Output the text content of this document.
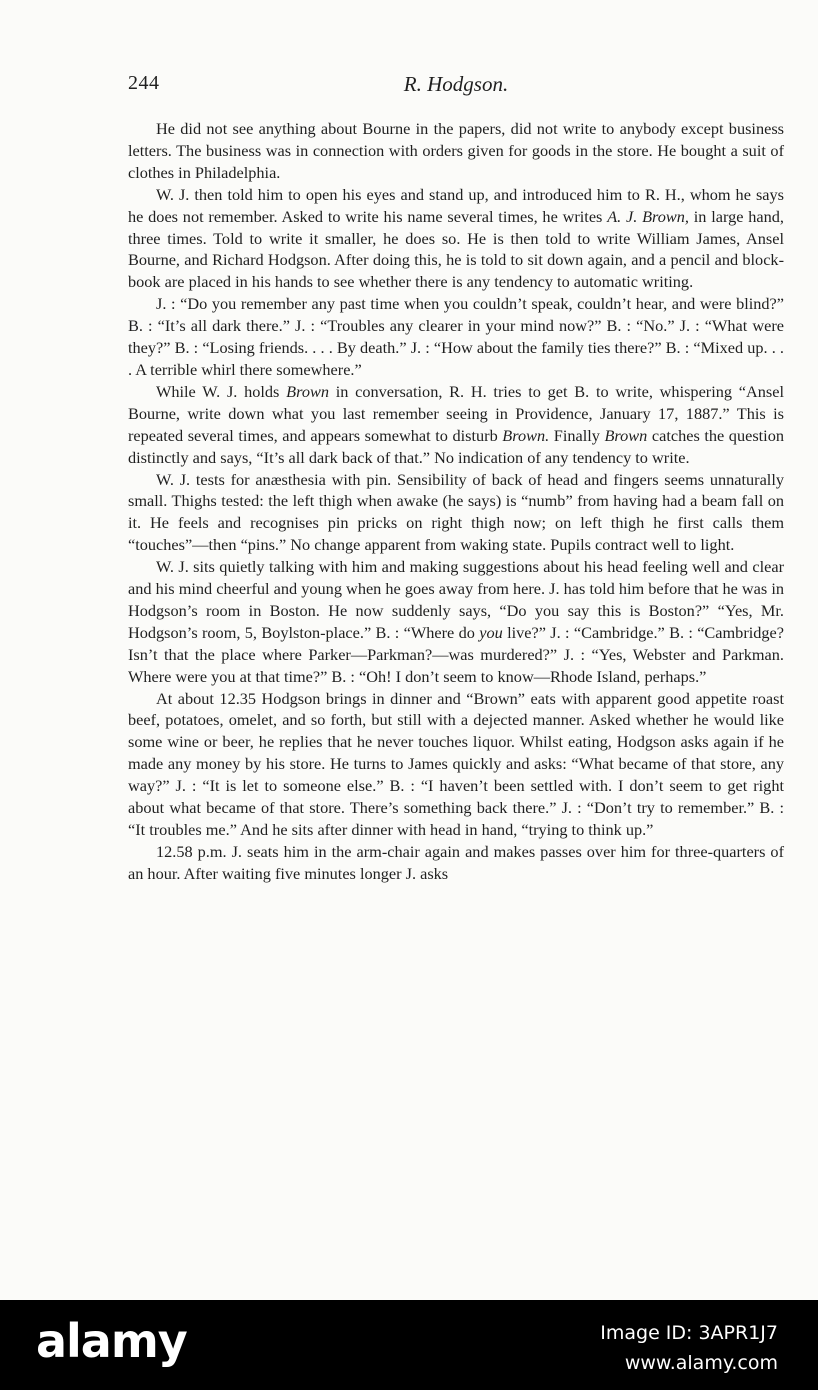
244	R. Hodgson.

He did not see anything about Bourne in the papers, did not write to anybody except business letters. The business was in connection with orders given for goods in the store. He bought a suit of clothes in Philadelphia.

W. J. then told him to open his eyes and stand up, and introduced him to R. H., whom he says he does not remember. Asked to write his name several times, he writes A. J. Brown, in large hand, three times. Told to write it smaller, he does so. He is then told to write William James, Ansel Bourne, and Richard Hodgson. After doing this, he is told to sit down again, and a pencil and block-book are placed in his hands to see whether there is any tendency to automatic writing.

J. : “Do you remember any past time when you couldn’t speak, couldn’t hear, and were blind?” B. : “It’s all dark there.” J. : “Troubles any clearer in your mind now?” B. : “No.” J. : “What were they?” B. : “Losing friends. . . . By death.” J. : “How about the family ties there?” B. : “Mixed up. . . . A terrible whirl there somewhere.”

While W. J. holds Brown in conversation, R. H. tries to get B. to write, whispering “Ansel Bourne, write down what you last remember seeing in Providence, January 17, 1887.” This is repeated several times, and appears somewhat to disturb Brown. Finally Brown catches the question distinctly and says, “It’s all dark back of that.” No indication of any tendency to write.

W. J. tests for anæsthesia with pin. Sensibility of back of head and fingers seems unnaturally small. Thighs tested: the left thigh when awake (he says) is “numb” from having had a beam fall on it. He feels and recognises pin pricks on right thigh now; on left thigh he first calls them “touches”—then “pins.” No change apparent from waking state. Pupils contract well to light.

W. J. sits quietly talking with him and making suggestions about his head feeling well and clear and his mind cheerful and young when he goes away from here. J. has told him before that he was in Hodgson’s room in Boston. He now suddenly says, “Do you say this is Boston?” “Yes, Mr. Hodgson’s room, 5, Boylston-place.” B. : “Where do you live?” J. : “Cambridge.” B. : “Cambridge? Isn’t that the place where Parker—Parkman?—was murdered?” J. : “Yes, Webster and Parkman. Where were you at that time?” B. : “Oh! I don’t seem to know—Rhode Island, perhaps.”

At about 12.35 Hodgson brings in dinner and “Brown” eats with apparent good appetite roast beef, potatoes, omelet, and so forth, but still with a dejected manner. Asked whether he would like some wine or beer, he replies that he never touches liquor. Whilst eating, Hodgson asks again if he made any money by his store. He turns to James quickly and asks: “What became of that store, any way?” J. : “It is let to someone else.” B. : “I haven’t been settled with. I don’t seem to get right about what became of that store. There’s something back there.” J. : “Don’t try to remember.” B. : “It troubles me.” And he sits after dinner with head in hand, “trying to think up.”

12.58 p.m. J. seats him in the arm-chair again and makes passes over him for three-quarters of an hour. After waiting five minutes longer J. asks

alamy	Image ID: 3APR1J7
www.alamy.com
